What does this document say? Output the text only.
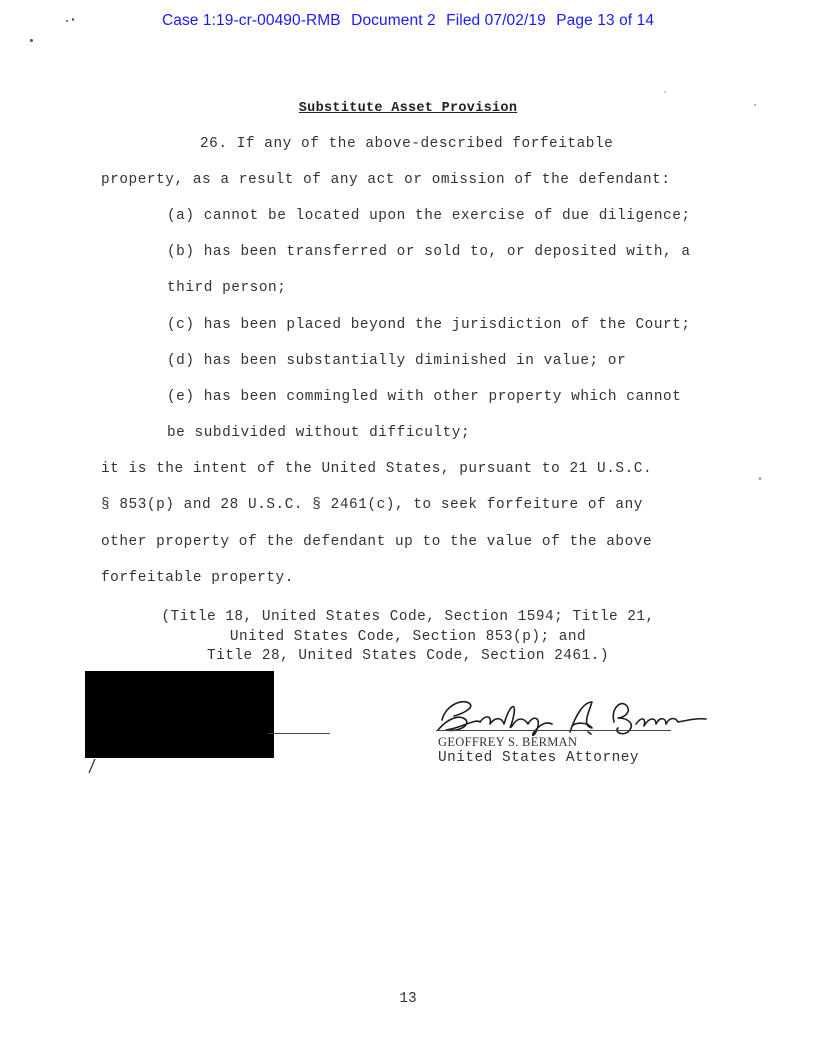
Case 1:19-cr-00490-RMB Document 2 Filed 07/02/19 Page 13 of 14
Substitute Asset Provision
26. If any of the above-described forfeitable
property, as a result of any act or omission of the defendant:
(a) cannot be located upon the exercise of due diligence;
(b) has been transferred or sold to, or deposited with, a
third person;
(c) has been placed beyond the jurisdiction of the Court;
(d) has been substantially diminished in value; or
(e) has been commingled with other property which cannot
be subdivided without difficulty;
it is the intent of the United States, pursuant to 21 U.S.C.
§ 853(p) and 28 U.S.C. § 2461(c), to seek forfeiture of any
other property of the defendant up to the value of the above
forfeitable property.
(Title 18, United States Code, Section 1594; Title 21,
United States Code, Section 853(p); and
Title 28, United States Code, Section 2461.)
GEOFFREY S. BERMAN
United States Attorney
13
